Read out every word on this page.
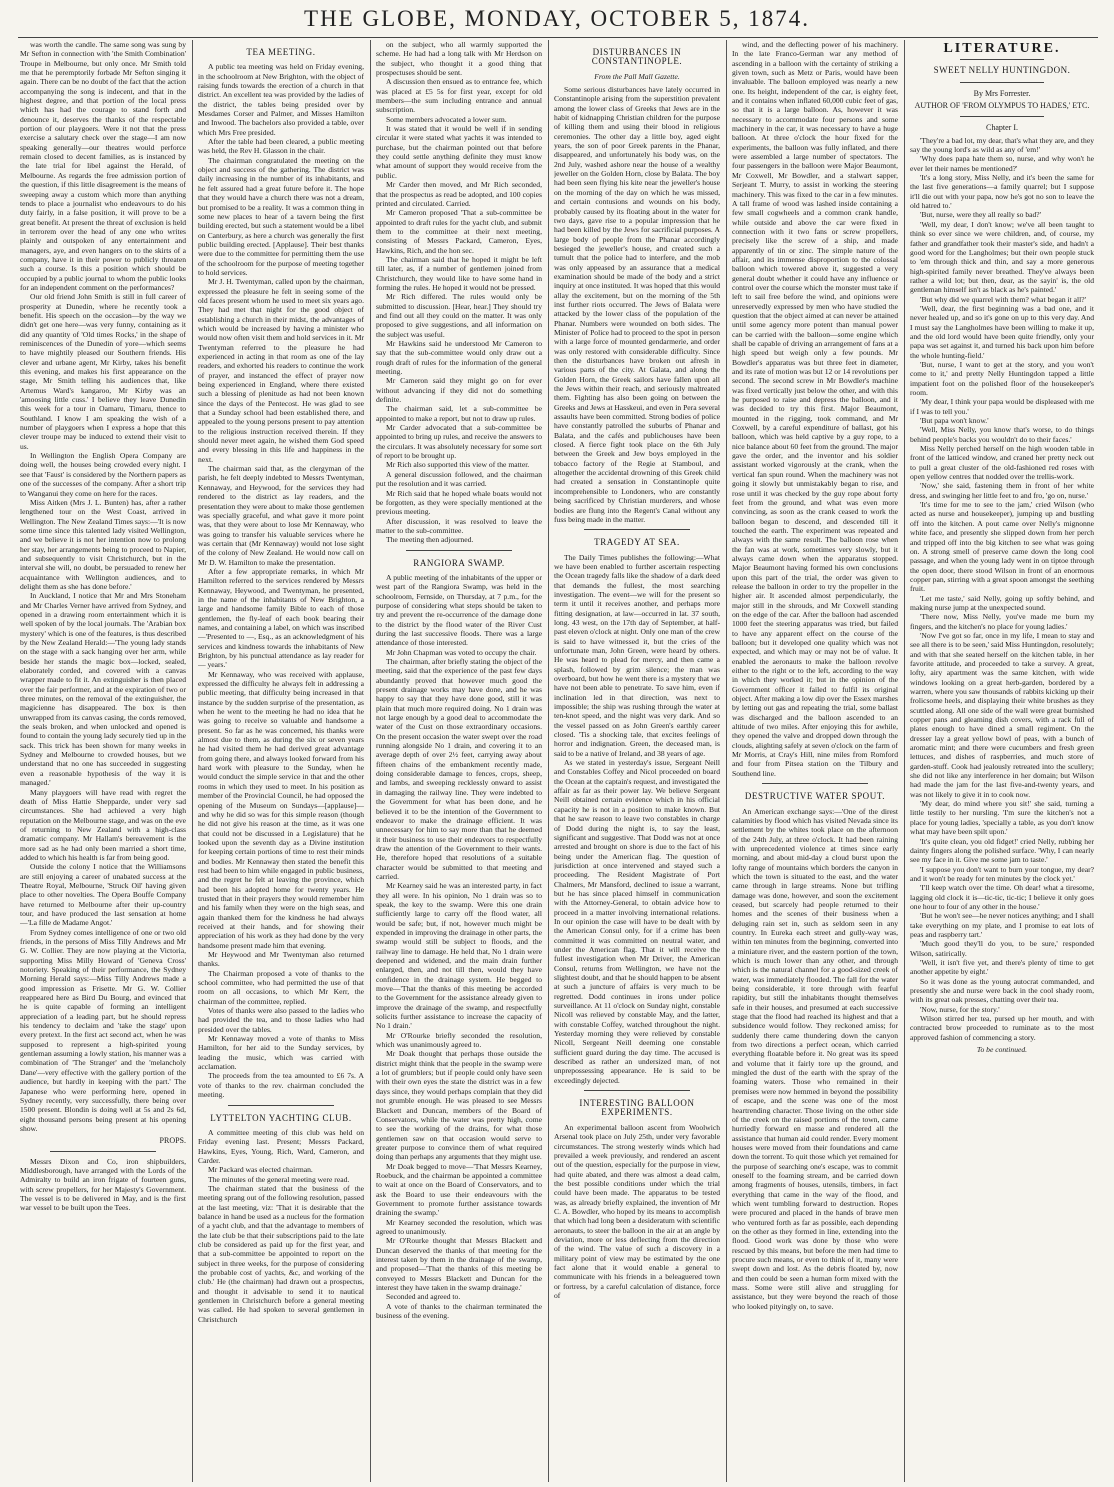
THE GLOBE, MONDAY, OCTOBER 5, 1874.

was worth the candle. The same song was sung by Mr Sefton in connection with 'the Smith Combination' Troupe in Melbourne, but only once. Mr Smith told me that he peremptorily forbade Mr Sefton singing it again. There can be no doubt of the fact that the action accompanying the song is indecent, and that in the highest degree, and that portion of the local press which has had the courage to stand forth and denounce it, deserves the thanks of the respectable portion of our playgoers. Were it not that the press exercise a salutary check over the stage—I am now speaking generally—our theatres would perforce remain closed to decent families, as is instanced by the late trial for libel against the Herald, of Melbourne. As regards the free admission portion of the question, if this little disagreement is the means of sweeping away a custom which more than anything tends to place a journalist who endeavours to do his duty fairly, in a false position, it will prove to be a great benefit. At present the threat of exclusion is held in terrorem over the head of any one who writes plainly and outspoken of any entertainment and managers, aye, and even hangers on to the skirts of a company, have it in their power to publicly threaten such a course. Is this a position which should be occupied by a public journal to whom the public looks for an independent comment on the performances?

Our old friend John Smith is still in full career of prosperity at Dunedin, where he recently took a benefit. His speech on the occasion—by the way we didn't get one here—was very funny, containing as it did any quantity of 'Old times Rocks,' in the shape of reminiscences of the Dunedin of yore—which seems to have mightily pleased our Southern friends. His clever and urbane agent, Mr Kirby, takes his benefit this evening, and makes his first appearance on the stage, Mr Smith telling his audiences that, like Artemus Ward's kangaroo, Mr Kirby was an 'amoosing little cuss.' I believe they leave Dunedin this week for a tour in Oamaru, Timaru, thence to Southland. I know I am speaking the wish of a number of playgoers when I express a hope that this clever troupe may be induced to extend their visit to us.

In Wellington the English Opera Company are doing well, the houses being crowded every night. I see that 'Faust' is considered by the Northern papers as one of the successes of the company. After a short trip to Wanganui they come on here for the races.

Miss Aitken (Mrs J. L. Bunten) has, after a rather lengthened tour on the West Coast, arrived in Wellington. The New Zealand Times says:—'It is now some time since this talented lady visited Wellington, and we believe it is not her intention now to prolong her stay, her arrangements being to proceed to Napier, and subsequently to visit Christchurch, but in the interval she will, no doubt, be persuaded to renew her acquaintance with Wellington audiences, and to delight them as she has done before.'

In Auckland, I notice that Mr and Mrs Stoneham and Mr Charles Verner have arrived from Sydney, and opened in a drawing room entertainment which it is well spoken of by the local journals. The 'Arabian box mystery' which is one of the features, is thus described by the New Zealand Herald:—'The young lady stands on the stage with a sack hanging over her arm, while beside her stands the magic box—locked, sealed, elaborately corded, and covered with a canvas wrapper made to fit it. An extinguisher is then placed over the fair performer, and at the expiration of two or three minutes, on the removal of the extinguisher, the magicienne has disappeared. The box is then unwrapped from its canvas casing, the cords removed, the seals broken, and when unlocked and opened is found to contain the young lady securely tied up in the sack. This trick has been shown for many weeks in Sydney and Melbourne to crowded houses, but we understand that no one has succeeded in suggesting even a reasonable hypothesis of the way it is managed.'

Many playgoers will have read with regret the death of Miss Hattie Shepparde, under very sad circumstances. She had achieved a very high reputation on the Melbourne stage, and was on the eve of returning to New Zealand with a high-class dramatic company. Mr Hallam's bereavement is the more sad as he had only been married a short time, added to which his health is far from being good.

Outside the colony I notice that the Williamsons are still enjoying a career of unabated success at the Theatre Royal, Melbourne, 'Struck Oil' having given place to other novelties. The Opera Bouffe Company have returned to Melbourne after their up-country tour, and have produced the last sensation at home—'La fille de Madame Angot.'

From Sydney comes intelligence of one or two old friends, in the persons of Miss Tilly Andrews and Mr G. W. Collier. They are now playing at the Victoria, supporting Miss Milly Howard of 'Geneva Cross' notoriety. Speaking of their performance, the Sydney Morning Herald says:—Miss Tilly Andrews made a good impression as Frisette. Mr G. W. Collier reappeared here as Bird Du Bourg, and evinced that he is quite capable of forming an intelligent appreciation of a leading part, but he should repress his tendency to declaim and 'take the stage' upon every pretext. In the first act second act, when he was supposed to represent a high-spirited young gentleman assuming a lowly station, his manner was a combination of 'The Stranger' and the 'melancholy Dane'—very effective with the gallery portion of the audience, but hardly in keeping with the part.' The Japanese who were performing here, opened in Sydney recently, very successfully, there being over 1500 present. Blondin is doing well at 5s and 2s 6d, eight thousand persons being present at his opening show.

PROPS.

Messrs Dixon and Co, iron shipbuilders, Middlesborough, have arranged with the Lords of the Admiralty to build an iron frigate of fourteen guns, with screw propellers, for her Majesty's Government. The vessel is to be delivered in May, and is the first war vessel to be built upon the Tees.

TEA MEETING.

A public tea meeting was held on Friday evening, in the schoolroom at New Brighton, with the object of raising funds towards the erection of a church in that district. An excellent tea was provided by the ladies of the district, the tables being presided over by Mesdames Corser and Palmer, and Misses Hamilton and Inwood. The bachelors also provided a table, over which Mrs Free presided.

After the table had been cleared, a public meeting was held, the Rev H. Glasson in the chair.

The chairman congratulated the meeting on the object and success of the gathering. The district was daily increasing in the number of its inhabitants, and he felt assured had a great future before it. The hope that they would have a church there was not a dream, but promised to be a reality. It was a common thing in some new places to hear of a tavern being the first building erected, but such a statement would be a libel on Canterbury, as here a church was generally the first public building erected. [Applause]. Their best thanks were due to the committee for permitting them the use of the schoolroom for the purpose of meeting together to hold services.

Mr J. H. Twentyman, called upon by the chairman, expressed the pleasure he felt in seeing some of the old faces present whom he used to meet six years ago. They had met that night for the good object of establishing a church in their midst, the advantages of which would be increased by having a minister who would now often visit them and hold services in it. Mr Twentyman referred to the pleasure he had experienced in acting in that room as one of the lay readers, and exhorted his readers to continue the work of prayer, and instanced the effect of prayer now being experienced in England, where there existed such a blessing of plenitude as had not been known since the days of the Pentecost. He was glad to see that a Sunday school had been established there, and appealed to the young persons present to pay attention to the religious instruction received therein. If they should never meet again, he wished them God speed and every blessing in this life and happiness in the next.

The chairman said that, as the clergyman of the parish, he felt deeply indebted to Messrs Twentyman, Kennaway, and Heywood, for the services they had rendered to the district as lay readers, and the presentation they were about to make those gentlemen was specially graceful, and what gave it more point was, that they were about to lose Mr Kennaway, who was going to transfer his valuable services where he was certain that (Mr Kennaway) would not lose sight of the colony of New Zealand. He would now call on Mr D. W. Hamilton to make the presentation.

After a few appropriate remarks, in which Mr Hamilton referred to the services rendered by Messrs Kennaway, Heywood, and Twentyman, he presented, in the name of the inhabitants of New Brighton, a large and handsome family Bible to each of those gentlemen, the fly-leaf of each book bearing their names, and containing a label, on which was inscribed—'Presented to —, Esq., as an acknowledgment of his services and kindness towards the inhabitants of New Brighton, by his punctual attendance as lay reader for — years.'

Mr Kennaway, who was received with applause, expressed the difficulty he always felt in addressing a public meeting, that difficulty being increased in that instance by the sudden surprise of the presentation, as when he went to the meeting he had no idea that he was going to receive so valuable and handsome a present. So far as he was concerned, his thanks were almost due to them, as during the six or seven years he had visited them he had derived great advantage from going there, and always looked forward from his hard work with pleasure to the Sunday, when he would conduct the simple service in that and the other rooms in which they used to meet. In his position as member of the Provincial Council, he had opposed the opening of the Museum on Sundays—[applause]—and why he did so was for this simple reason (though he did not give his reason at the time, as it was one that could not be discussed in a Legislature) that he looked upon the seventh day as a Divine institution for keeping certain portions of time to rest their minds and bodies. Mr Kennaway then stated the benefit this rest had been to him while engaged in public business, and the regret he felt at leaving the province, which had been his adopted home for twenty years. He trusted that in their prayers they would remember him and his family when they were on the high seas, and again thanked them for the kindness he had always received at their hands, and for showing their appreciation of his work as they had done by the very handsome present made him that evening.

Mr Heywood and Mr Twentyman also returned thanks.

The Chairman proposed a vote of thanks to the school committee, who had permitted the use of that room on all occasions, to which Mr Kerr, the chairman of the committee, replied.

Votes of thanks were also passed to the ladies who had provided the tea, and to those ladies who had presided over the tables.

Mr Kennaway moved a vote of thanks to Miss Hamilton, for her aid to the Sunday services, by leading the music, which was carried with acclamation.

The proceeds from the tea amounted to £6 7s. A vote of thanks to the rev. chairman concluded the meeting.

LYTTELTON YACHTING CLUB.

A committee meeting of this club was held on Friday evening last. Present; Messrs Packard, Hawkins, Eyes, Young, Rich, Ward, Cameron, and Carder.

Mr Packard was elected chairman.

The minutes of the general meeting were read.

The chairman stated that the business of the meeting sprang out of the following resolution, passed at the last meeting, viz: 'That it is desirable that the balance in hand be used as a nucleus for the formation of a yacht club, and that the advantage to members of the late club be that their subscriptions paid to the late club be considered as paid up for the first year, and that a sub-committee be appointed to report on the subject in three weeks, for the purpose of considering the probable cost of yachts, &c, and working of the club.' He (the chairman) had drawn out a prospectus, and thought it advisable to send it to nautical gentlemen in Christchurch before a general meeting was called. He had spoken to several gentlemen in Christchurch

on the subject, who all warmly supported the scheme. He had had a long talk with Mr Herdson on the subject, who thought it a good thing that prospectuses should be sent.

A discussion then ensued as to entrance fee, which was placed at £5 5s for first year, except for old members—the sum including entrance and annual subscription.

Some members advocated a lower sum.

It was stated that it would be well if in sending circular it were stated what yachts it was intended to purchase, but the chairman pointed out that before they could settle anything definite they must know what amount of support they would receive from the public.

Mr Carder then moved, and Mr Rich seconded, that the prospectus as read be adopted, and 100 copies printed and circulated. Carried.

Mr Cameron proposed 'That a sub-committee be appointed to draft rules for the yacht club, and submit them to the committee at their next meeting, consisting of Messrs Packard, Cameron, Eyes, Hawkins, Rich, and the hon sec.

The chairman said that he hoped it might be left till later, as, if a number of gentlemen joined from Christchurch, they would like to have some hand in forming the rules. He hoped it would not be pressed.

Mr Rich differed. The rules would only be submitted to discussion. [Hear, hear.] They should try and find out all they could on the matter. It was only proposed to give suggestions, and all information on the subject was useful.

Mr Hawkins said he understood Mr Cameron to say that the sub-committee would only draw out a rough draft of rules for the information of the general meeting.

Mr Cameron said they might go on for ever without advancing if they did not do something definite.

The chairman said, let a sub-committee be appointed to make a report, but not to draw up rules.

Mr Carder advocated that a sub-committee be appointed to bring up rules, and receive the answers to the circulars. It was absolutely necessary for some sort of report to be brought up.

Mr Rich also supported this view of the matter.

A general discussion followed, and the chairman put the resolution and it was carried.

Mr Rich said that he hoped whale boats would not be forgotten, as they were specially mentioned at the previous meeting.

After discussion, it was resolved to leave the matter to the sub-committee.

The meeting then adjourned.

RANGIORA SWAMP.

A public meeting of the inhabitants of the upper or west part of the Rangiora Swamp, was held in the schoolroom, Fernside, on Thursday, at 7 p.m., for the purpose of considering what steps should be taken to try and prevent the re-occurrence of the damage done to the district by the flood water of the River Cust during the last successive floods. There was a large attendance of those interested.

Mr John Chapman was voted to occupy the chair.

The chairman, after briefly stating the object of the meeting, said that the experience of the past few days abundantly proved that however much good the present drainage works may have done, and he was happy to say that they have done good, still it was plain that much more required doing. No 1 drain was not large enough by a good deal to accommodate the water of the Cust on those extraordinary occasions. On the present occasion the water swept over the road running alongside No 1 drain, and covering it to an average depth of over 2½ feet, carrying away about fifteen chains of the embankment recently made, doing considerable damage to fences, crops, sheep, and lambs, and sweeping recklessly onward to assist in damaging the railway line. They were indebted to the Government for what has been done, and he believed it to be the intention of the Government to endeavor to make the drainage efficient. It was unnecessary for him to say more than that he deemed it their business to use their endeavors to respectfully draw the attention of the Government to their wants. He, therefore hoped that resolutions of a suitable character would be submitted to that meeting and carried.

Mr Kearney said he was an interested party, in fact they all were. In his opinion, No 1 drain was so to speak, the key to the swamp. Were this one drain sufficiently large to carry off the flood water, all would be safe; but, if not, however much might be expended in improving the drainage in other parts, the swamp would still be subject to floods, and the railway line to damage. He held that, No 1 drain were deepened and widened, and the main drain further enlarged, then, and not till then, would they have confidence in the drainage system. He begged to move—'That the thanks of this meeting be accorded to the Government for the assistance already given to improve the drainage of the swamp, and respectfully solicits further assistance to increase the capacity of No 1 drain.'

Mr O'Rourke briefly seconded the resolution, which was unanimously agreed to.

Mr Doak thought that perhaps those outside the district might think that the people in the swamp were a lot of grumblers; but if people could only have seen with their own eyes the state the district was in a few days since, they would perhaps complain that they did not grumble enough. He was pleased to see Messrs Blackett and Duncan, members of the Board of Conservators, while the water was pretty high, come to see the working of the drains, for what those gentlemen saw on that occasion would serve to greater purpose to convince them of what required doing than perhaps any arguments that they might use.

Mr Doak begged to move—'That Messrs Kearney, Roebuck, and the chairman be appointed a committee to wait at once on the Board of Conservators, and to ask the Board to use their endeavours with the Government to promote further assistance towards draining the swamp.'

Mr Kearney seconded the resolution, which was agreed to unanimously.

Mr O'Rourke thought that Messrs Blackett and Duncan deserved the thanks of that meeting for the interest taken by them in the drainage of the swamp, and proposed—'That the thanks of this meeting be conveyed to Messrs Blackett and Duncan for the interest they have taken in the swamp drainage.'

Seconded and agreed to.

A vote of thanks to the chairman terminated the business of the evening.

DISTURBANCES IN CONSTANTINOPLE.
From the Pall Mall Gazette.

Some serious disturbances have lately occurred in Constantinople arising from the superstition prevalent among the lower class of Greeks that Jews are in the habit of kidnapping Christian children for the purpose of killing them and using their blood in religious ceremonies. The other day a little boy, aged eight years, the son of poor Greek parents in the Phanar, disappeared, and unfortunately his body was, on the 2nd July, washed ashore near the house of a wealthy jeweller on the Golden Horn, close by Balata. The boy had been seen flying his kite near the jeweller's house on the morning of the day on which he was missed, and certain contusions and wounds on his body, probably caused by its floating about in the water for two days, gave rise to a popular impression that he had been killed by the Jews for sacrificial purposes. A large body of people from the Phanar accordingly besieged the jeweller's house, and created such a tumult that the police had to interfere, and the mob was only appeased by an assurance that a medical examination should be made of the body and a strict inquiry at once instituted. It was hoped that this would allay the excitement, but on the morning of the 5th inst further riots occurred. The Jews of Balata were attacked by the lower class of the population of the Phanar. Numbers were wounded on both sides. The Minister of Police had to proceed to the spot in person with a large force of mounted gendarmerie, and order was only restored with considerable difficulty. Since then the disturbances have broken out afresh in various parts of the city. At Galata, and along the Golden Horn, the Greek sailors have fallen upon all the Jews within their reach, and seriously maltreated them. Fighting has also been going on between the Greeks and Jews at Hasskeui, and even in Pera several assaults have been committed. Strong bodies of police have constantly patrolled the suburbs of Phanar and Balata, and the cafés and publichouses have been closed. A fierce fight took place on the 6th July between the Greek and Jew boys employed in the tobacco factory of the Regie at Stamboul, and altogether the accidental drowning of this Greek child had created a sensation in Constantinople quite incomprehensible to Londoners, who are constantly being sacrificed by Christian murderers, and whose bodies are flung into the Regent's Canal without any fuss being made in the matter.

TRAGEDY AT SEA.

The Daily Times publishes the following:—What we have been enabled to further ascertain respecting the Ocean tragedy falls like the shadow of a dark deed that demands the fullest, the most searching investigation. The event—we will for the present so term it until it receives another, and perhaps more fitting designation, at law—occurred in lat. 37 south, long. 43 west, on the 17th day of September, at half-past eleven o'clock at night. Only one man of the crew is said to have witnessed it, but the cries of the unfortunate man, John Green, were heard by others. He was heard to plead for mercy, and then came a splash, followed by grim silence; the man was overboard, but how he went there is a mystery that we have not been able to penetrate. To save him, even if inclination led in that direction, was next to impossible; the ship was rushing through the water at ten-knot speed, and the night was very dark. And so the vessel passed on as John Green's earthly career closed. 'Tis a shocking tale, that excites feelings of horror and indignation. Green, the deceased man, is said to be a native of Ireland, and 38 years of age.

As we stated in yesterday's issue, Sergeant Neill and Constables Coffey and Nicol proceeded on board the Ocean at the captain's request, and investigated the affair as far as their power lay. We believe Sergeant Neill obtained certain evidence which in his official capacity he is not in a position to make known. But that he saw reason to leave two constables in charge of Dodd during the night is, to say the least, significant and suggestive. That Dodd was not at once arrested and brought on shore is due to the fact of his being under the American flag. The question of jurisdiction at once intervened and stayed such a proceeding. The Resident Magistrate of Port Chalmers, Mr Mansford, declined to issue a warrant, but he has since placed himself in communication with the Attorney-General, to obtain advice how to proceed in a matter involving international relations. In our opinion the case will have to be dealt with by the American Consul only, for if a crime has been committed it was committed on neutral water, and under the American flag. That it will receive the fullest investigation when Mr Driver, the American Consul, returns from Wellington, we have not the slightest doubt, and that he should happen to be absent at such a juncture of affairs is very much to be regretted. Dodd continues in irons under police surveillance. At 11 o'clock on Sunday night, constable Nicoll was relieved by constable May, and the latter, with constable Coffey, watched throughout the night. Yesterday morning they were relieved by constable Nicoll, Sergeant Neill deeming one constable sufficient guard during the day time. The accused is described as rather an undersized man, of not unprepossessing appearance. He is said to be exceedingly dejected.

INTERESTING BALLOON EXPERIMENTS.

An experimental balloon ascent from Woolwich Arsenal took place on July 25th, under very favorable circumstances. The strong westerly winds which had prevailed a week previously, and rendered an ascent out of the question, especially for the purpose in view, had quite abated, and there was almost a dead calm, the best possible conditions under which the trial could have been made. The apparatus to be tested was, as already briefly explained, the invention of Mr C. A. Bowdler, who hoped by its means to accomplish that which had long been a desideratum with scientific aeronauts, to steer the balloon in the air at an angle by deviation, more or less deflecting from the direction of the wind. The value of such a discovery in a military point of view may be estimated by the one fact alone that it would enable a general to communicate with his friends in a beleaguered town or fortress, by a careful calculation of distance, force of

wind, and the deflecting power of his machinery. In the late Franco-German war any method of ascending in a balloon with the certainty of striking a given town, such as Metz or Paris, would have been invaluable. The balloon employed was nearly a new one. Its height, independent of the car, is eighty feet, and it contains when inflated 60,000 cubic feet of gas, so that it is a large balloon. As, however it was necessary to accommodate four persons and some machinery in the car, it was necessary to have a huge balloon. At three o'clock the hour fixed for the experiments, the balloon was fully inflated, and there were assembled a large number of spectators. The four passengers in the balloon were Major Beaumont, Mr Coxwell, Mr Bowdler, and a stalwart sapper, Serjeant T. Murry, to assist in working the steering machinery. This was fixed to the car in a few minutes. A tall frame of wood was lashed inside containing a few small cogwheels and a common crank handle, while outside and above the car were fixed in connection with it two fans or screw propellers, precisely like the screw of a ship, and made apparently of tin or zinc. The simple nature of the affair, and its immense disproportion to the colossal balloon which towered above it, suggested a very general doubt whether it could have any influence or control over the course which the monster must take if left to sail free before the wind, and opinions were unreservedly expressed by men who have studied the question that the object aimed at can never be attained until some agency more potent than manual power can be carried with the balloon—some engine which shall be capable of driving an arrangement of fans at a high speed but weigh only a few pounds. Mr Bowdler's apparatus was but three feet in diameter, and its rate of motion was but 12 or 14 revolutions per second. The second screw in Mr Bowdler's machine was fixed vertically just below the other, and with this he purposed to raise and depress the balloon, and it was decided to try this first. Major Beaumont, mounted in the rigging, took command, and Mr Coxwell, by a careful expenditure of ballast, got his balloon, which was held captive by a guy rope, to a nice balance about 60 feet from the ground. The major gave the order, and the inventor and his soldier assistant worked vigorously at the crank, when the vertical fan spun round. When the machinery was not going it slowly but unmistakably began to rise, and rose until it was checked by the guy rope about forty feet from the ground, and what was even more convincing, as soon as the crank ceased to work the balloon began to descend, and descended till it touched the earth. The experiment was repeated and always with the same result. The balloon rose when the fan was at work, sometimes very slowly, but it always came down when the apparatus stopped. Major Beaumont having formed his own conclusions upon this part of the trial, the order was given to release the balloon in order to try the propeller in the higher air. It ascended almost perpendicularly, the major still in the shrouds, and Mr Coxwell standing on the edge of the car. After the balloon had ascended 1000 feet the steering apparatus was tried, but failed to have any apparent effect on the course of the balloon; but it developed one quality which was not expected, and which may or may not be of value. It enabled the aeronauts to make the balloon revolve either to the right or to the left, according to the way in which they worked it; but in the opinion of the Government officer it failed to fulfil its original object. After making a low dip over the Essex marshes by letting out gas and repeating the trial, some ballast was discharged and the balloon ascended to an altitude of two miles. After enjoying this for awhile, they opened the valve and dropped down through the clouds, alighting safely at seven o'clock on the farm of Mr Morris, at Cray's Hill, nine miles from Romford and four from Pitsea station on the Tilbury and Southend line.

DESTRUCTIVE WATER SPOUT.

An American exchange says:—'One of the direst calamities by flood which has visited Nevada since its settlement by the whites took place on the afternoon of the 24th July, at three o'clock. It had been raining with unprecedented violence at times since early morning, and about mid-day a cloud burst upon the lofty range of mountains which borders the canyon in which the town is situated to the east, and the water came through in large streams. None but trifling damage was done, however, and soon the excitement ceased, but scarcely had people returned to their homes and the scenes of their business when a deluging rain set in, such as seldom seen in any country. In Eureka each street and gully-way was, within ten minutes from the beginning, converted into a miniature river, and the eastern portion of the town, which is much lower than any other, and through which is the natural channel for a good-sized creek of water, was immediately flooded. The fall for the water being considerable, it tore through with fearful rapidity, but still the inhabitants thought themselves safe in their houses, and presumed at each successive stage that the flood had reached its highest and that a subsidence would follow. They reckoned amiss; for suddenly there came thundering down the canyon from two directions a perfect ocean, which carried everything floatable before it. No great was its speed and volume that it fairly tore up the ground, and mingled the dust of the earth with the spray of the foaming waters. Those who remained in their premises were now hemmed in beyond the possibility of escape, and the scene was one of the most heartrending character. Those living on the other side of the creek on the raised portions of the town, came hurriedly forward en masse and rendered all the assistance that human aid could render. Every moment houses were moved from their foundations and came down the torrent. To quit those which yet remained for the purpose of searching one's escape, was to commit oneself to the foaming stream, and be carried down among fragments of houses, utensils, timbers, in fact everything that came in the way of the flood, and which went tumbling forward to destruction. Ropes were procured and placed in the hands of brave men who ventured forth as far as possible, each depending on the other as they formed in line, extending into the flood. Good work was done by those who were rescued by this means, but before the men had time to procure such means, or even to think of it, many were swept down and lost. As the debris floated by, now and then could be seen a human form mixed with the mass. Some were still alive and struggling for assistance, but they were beyond the reach of those who looked pityingly on, to save.

LITERATURE.
SWEET NELLY HUNTINGDON.
By Mrs Forrester.
AUTHOR OF 'FROM OLYMPUS TO HADES,' ETC.
Chapter I.

'They're a bad lot, my dear, that's what they are, and they say the young lord's as wild as any of 'em!'

'Why does papa hate them so, nurse, and why won't he ever let their names be mentioned?'

'It's a long story, Miss Nelly, and it's been the same for the last five generations—a family quarrel; but I suppose it'll die out with your papa, now he's got no son to leave the old hatred to.'

'But, nurse, were they all really so bad?'

'Well, my dear, I don't know; we've all been taught to think so ever since we were children, and, of course, my father and grandfather took their master's side, and hadn't a good word for the Langholmes; but their own people stuck to 'em through thick and thin, and say a more generous high-spirited family never breathed. They've always been rather a wild lot; but then, dear, as the sayin' is, the old gentleman himself isn't as black as he's painted.'

'But why did we quarrel with them? what began it all?'

'Well, dear, the first beginning was a bad one, and it never healed up, and so it's gone on up to this very day. And I must say the Langholmes have been willing to make it up, and the old lord would have been quite friendly, only your papa was set against it, and turned his back upon him before the whole hunting-field.'

'But, nurse, I want to get at the story, and you won't come to it,' and pretty Nelly Huntingdon tapped a little impatient foot on the polished floor of the housekeeper's room.

'My dear, I think your papa would be displeased with me if I was to tell you.'

'But papa won't know.'

'Well, Miss Nelly, you know that's worse, to do things behind people's backs you wouldn't do to their faces.'

Miss Nelly perched herself on the high wooden table in front of the latticed window, and craned her pretty neck out to pull a great cluster of the old-fashioned red roses with open yellow centres that nodded over the trellis-work.

'Now,' she said, fastening them in front of her white dress, and swinging her little feet to and fro, 'go on, nurse.'

'It's time for me to see to the jam,' cried Wilson (who acted as nurse and housekeeper), jumping up and bustling off into the kitchen. A pout came over Nelly's mignonne white face, and presently she slipped down from her perch and tripped off into the big kitchen to see what was going on. A strong smell of preserve came down the long cool passage, and when the young lady went in on tiptoe through the open door, there stood Wilson in front of an enormous copper pan, stirring with a great spoon amongst the seething fruit.

'Let me taste,' said Nelly, going up softly behind, and making nurse jump at the unexpected sound.

'There now, Miss Nelly, you've made me burn my fingers, and the kitchen's no place for young ladies.'

'Now I've got so far, once in my life, I mean to stay and see all there is to be seen,' said Miss Huntingdon, resolutely; and with that she seated herself on the kitchen table, in her favorite attitude, and proceeded to take a survey. A great, lofty, airy apartment was the same kitchen, with wide windows looking on a great herb-garden, bordered by a warren, where you saw thousands of rabbits kicking up their frolicsome heels, and displaying their white brushes as they scuttled along. All one side of the wall were great burnished copper pans and gleaming dish covers, with a rack full of plates enough to have dined a small regiment. On the dresser lay a great yellow bowl of peas, with a bunch of aromatic mint; and there were cucumbers and fresh green lettuces, and dishes of raspberries, and much store of garden-stuff. Cook had jealously retreated into the scullery; she did not like any interference in her domain; but Wilson had made the jam for the last five-and-twenty years, and was not likely to give it in to cook now.

'My dear, do mind where you sit!' she said, turning a little testily to her nursling. 'I'm sure the kitchen's not a place for young ladies, 'specially a table, as you don't know what may have been spilt upon.'

'It's quite clean, you old fidget!' cried Nelly, rubbing her dainty fingers along the polished surface. 'Why, I can nearly see my face in it. Give me some jam to taste.'

'I suppose you don't want to burn your tongue, my dear? and it won't be ready for ten minutes by the clock yet.'

'I'll keep watch over the time. Oh dear! what a tiresome, lagging old clock it is—tic-tic, tic-tic; I believe it only goes one hour to four of any other in the house.'

'But he won't see—he never notices anything; and I shall take everything on my plate, and I promise to eat lots of peas and raspberry tart.'

'Much good they'll do you, to be sure,' responded Wilson, satirically.

'Well, it isn't five yet, and there's plenty of time to get another appetite by eight.'

So it was done as the young autocrat commanded, and presently she and nurse were back in the cool shady room, with its great oak presses, chatting over their tea.

'Now, nurse, for the story.'

Wilson stirred her tea, pursed up her mouth, and with contracted brow proceeded to ruminate as to the most approved fashion of commencing a story.

To be continued.
